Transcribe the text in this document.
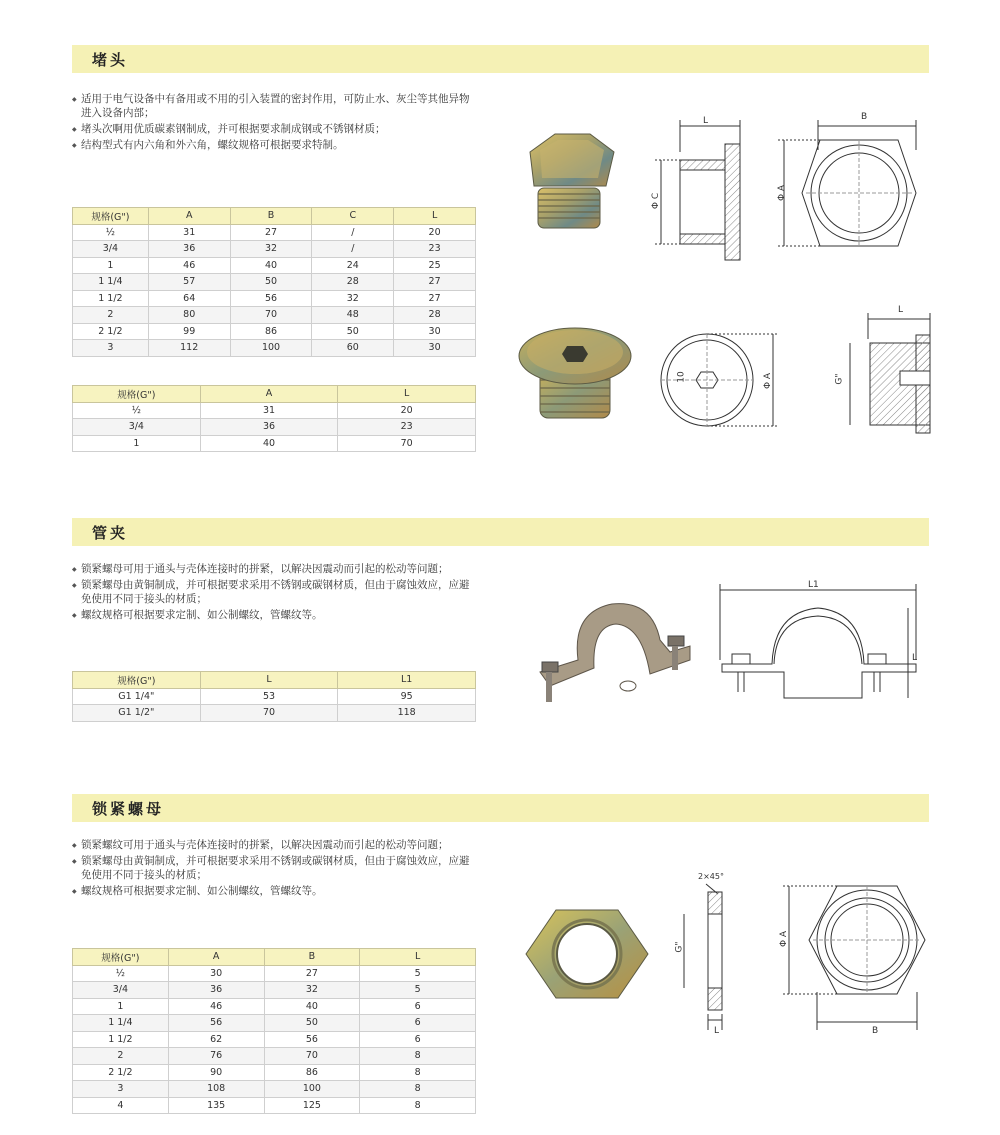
堵头
◆ 适用于电气设备中有备用或不用的引入装置的密封作用，可防止水、灰尘等其他异物进入设备内部；
◆ 堵头次啊用优质碳素钢制成，并可根据要求制成钢或不锈钢材质；
◆ 结构型式有内六角和外六角，螺纹规格可根据要求特制。
规格(G")	A	B	C	L
½	31	27	/	20
3/4	36	32	/	23
1	46	40	24	25
1 1/4	57	50	28	27
1 1/2	64	56	32	27
2	80	70	48	28
2 1/2	99	86	50	30
3	112	100	60	30
规格(G")	A	L
½	31	20
3/4	36	23
1	40	70
L
Φ C
B
Φ A
10	Φ A
L
G"
管夹
◆ 锁紧螺母可用于通头与壳体连接时的拼紧，以解决因震动而引起的松动等问题；
◆ 锁紧螺母由黄铜制成，并可根据要求采用不锈钢或碳钢材质，但由于腐蚀效应，应避免使用不同于接头的材质；
◆ 螺纹规格可根据要求定制、如公制螺纹，管螺纹等。
规格(G")	L	L1
G1 1/4"	53	95
G1 1/2"	70	118
L1
L
锁紧螺母
◆ 锁紧螺纹可用于通头与壳体连接时的拼紧，以解决因震动而引起的松动等问题；
◆ 锁紧螺母由黄铜制成，并可根据要求采用不锈钢或碳钢材质，但由于腐蚀效应，应避免使用不同于接头的材质；
◆ 螺纹规格可根据要求定制、如公制螺纹，管螺纹等。
规格(G")	A	B	L
½	30	27	5
3/4	36	32	5
1	46	40	6
1 1/4	56	50	6
1 1/2	62	56	6
2	76	70	8
2 1/2	90	86	8
3	108	100	8
4	135	125	8
2×45°
G"
L
Φ A
B
